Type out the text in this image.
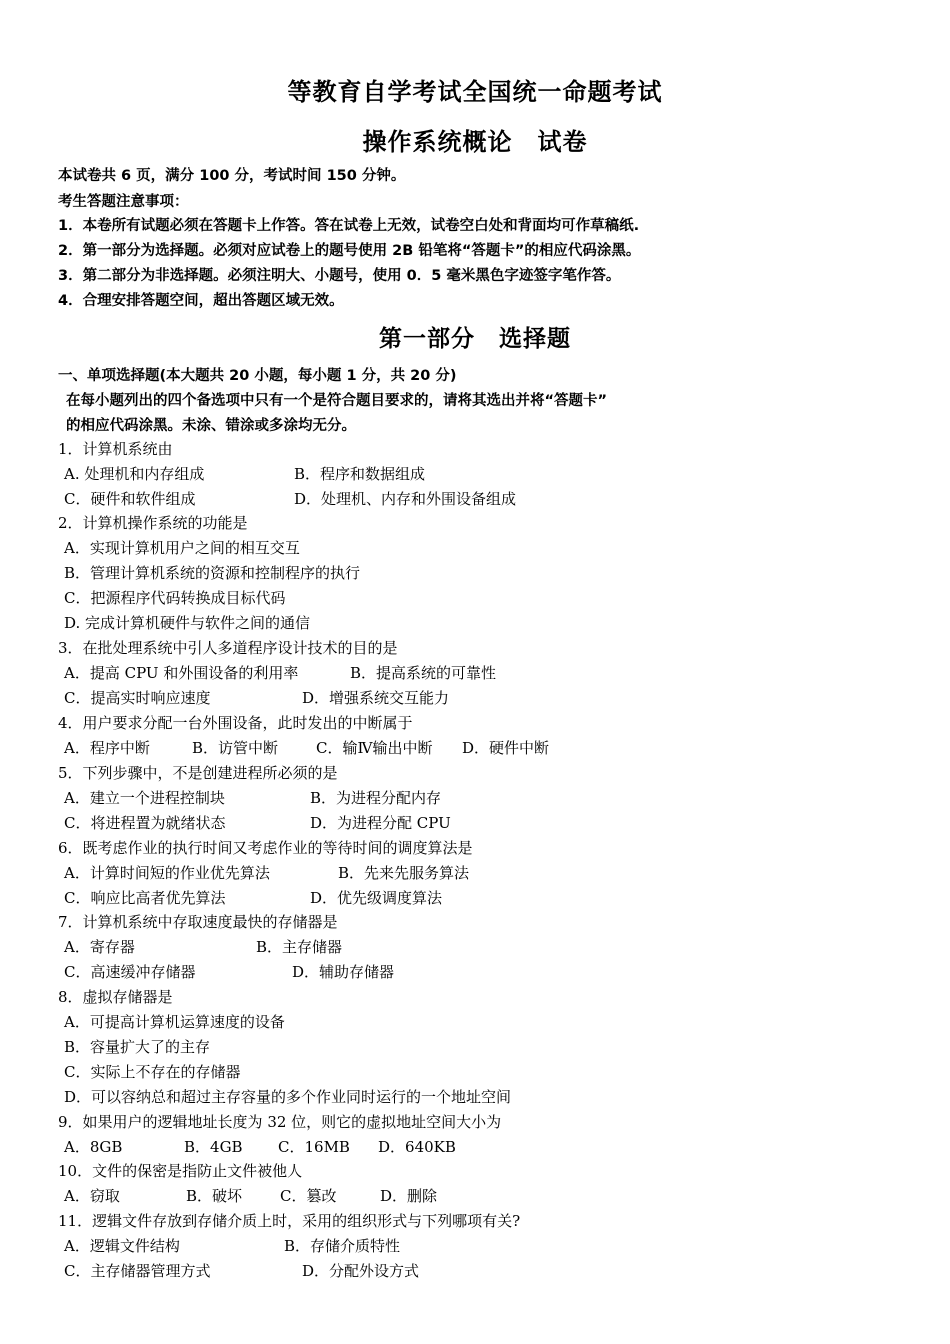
等教育自学考试全国统一命题考试
操作系统概论　试卷
本试卷共 6 页，满分 100 分，考试时间 150 分钟。
考生答题注意事项：
1．本卷所有试题必须在答题卡上作答。答在试卷上无效，试卷空白处和背面均可作草稿纸.
2．第一部分为选择题。必须对应试卷上的题号使用 2B 铅笔将“答题卡”的相应代码涂黑。
3．第二部分为非选择题。必须注明大、小题号，使用 0．5 毫米黑色字迹签字笔作答。
4．合理安排答题空间，超出答题区域无效。
第一部分　选择题
一、单项选择题(本大题共 20 小题，每小题 1 分，共 20 分)
在每小题列出的四个备选项中只有一个是符合题目要求的，请将其选出并将“答题卡”
的相应代码涂黑。未涂、错涂或多涂均无分。
1．计算机系统由
A. 处理机和内存组成	B．程序和数据组成
C．硬件和软件组成	D．处理机、内存和外围设备组成
2．计算机操作系统的功能是
A．实现计算机用户之间的相互交互
B．管理计算机系统的资源和控制程序的执行
C．把源程序代码转换成目标代码
D. 完成计算机硬件与软件之间的通信
3．在批处理系统中引人多道程序设计技术的目的是
A．提高 CPU 和外围设备的利用率	B．提高系统的可靠性
C．提高实时响应速度	D．增强系统交互能力
4．用户要求分配一台外围设备，此时发出的中断属于
A．程序中断	B．访管中断	C．输Ⅳ输出中断 D．硬件中断
5．下列步骤中，不是创建进程所必须的是
A．建立一个进程控制块	B．为进程分配内存
C．将进程置为就绪状态	D．为进程分配 CPU
6．既考虑作业的执行时间又考虑作业的等待时间的调度算法是
A．计算时间短的作业优先算法	B．先来先服务算法
C．响应比高者优先算法	D．优先级调度算法
7．计算机系统中存取速度最快的存储器是
A．寄存器	B．主存储器
C．高速缓冲存储器	D．辅助存储器
8．虚拟存储器是
A．可提高计算机运算速度的设备
B．容量扩大了的主存
C．实际上不存在的存储器
D．可以容纳总和超过主存容量的多个作业同时运行的一个地址空间
9．如果用户的逻辑地址长度为 32 位，则它的虚拟地址空间大小为
A．8GB	B．4GB C．16MB D．640KB
10．文件的保密是指防止文件被他人
A．窃取	B．破坏	C．篡改	D．删除
11．逻辑文件存放到存储介质上时，采用的组织形式与下列哪项有关?
A．逻辑文件结构	B．存储介质特性
C．主存储器管理方式	D．分配外设方式
